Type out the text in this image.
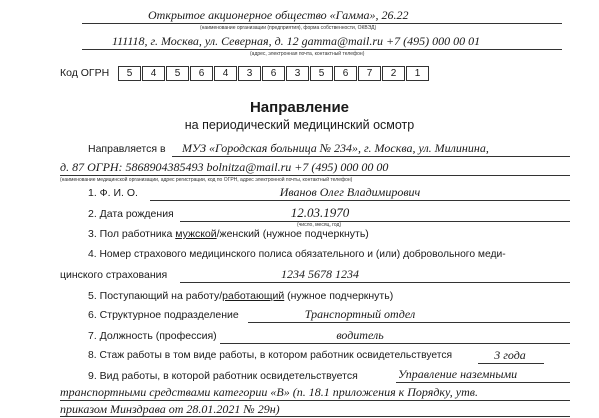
Открытое акционерное общество «Гамма», 26.22
(наименование организации (предприятия), форма собственности, ОКВЭД)
111118, г. Москва, ул. Северная, д. 12 gamma@mail.ru +7 (495) 000 00 01
(адрес, электронная почта, контактный телефон)
Код ОГРН	5	4	5	6	4	3	6	3	5	6	7	2	1
Направление
на периодический медицинский осмотр
Направляется в МУЗ «Городская больница № 234», г. Москва, ул. Милинина,
д. 87 ОГРН: 5868904385493 bolnitza@mail.ru +7 (495) 000 00 00
(наименование медицинской организации, адрес регистрации, код по ОГРН, адрес электронной почты, контактный телефон)
1. Ф. И. О.	Иванов Олег Владимирович
2. Дата рождения	12.03.1970
(число, месяц, год)
3. Пол работника мужской/женский (нужное подчеркнуть)
4. Номер страхового медицинского полиса обязательного и (или) добровольного меди-
цинского страхования	1234 5678 1234
5. Поступающий на работу/работающий (нужное подчеркнуть)
6. Структурное подразделение	Транспортный отдел
7. Должность (профессия)	водитель
8. Стаж работы в том виде работы, в котором работник освидетельствуется	3 года
9. Вид работы, в которой работник освидетельствуется	Управление наземными
транспортными средствами категории «В» (п. 18.1 приложения к Порядку, утв.
приказом Минздрава от 28.01.2021 № 29н)
